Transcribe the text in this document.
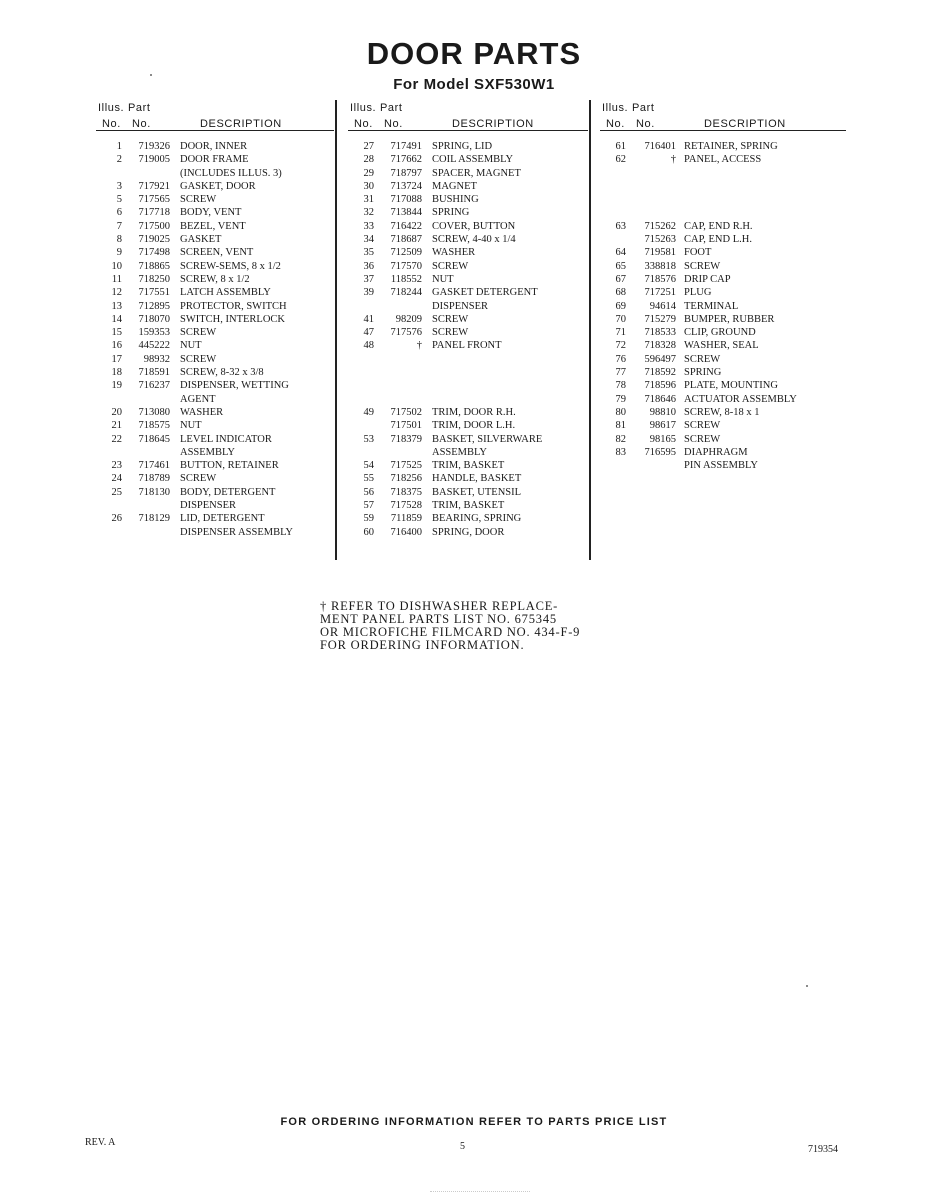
DOOR PARTS
For Model SXF530W1
Illus. Part
No. No.	DESCRIPTION
1	719326 DOOR, INNER
2	719005 DOOR FRAME
(INCLUDES ILLUS. 3)
3	717921 GASKET, DOOR
5	717565 SCREW
6	717718 BODY, VENT
7	717500 BEZEL, VENT
8	719025 GASKET
9	717498 SCREEN, VENT
10	718865 SCREW-SEMS, 8 x 1/2
11	718250 SCREW, 8 x 1/2
12	717551 LATCH ASSEMBLY
13	712895 PROTECTOR, SWITCH
14	718070 SWITCH, INTERLOCK
15	159353 SCREW
16	445222 NUT
17	98932 SCREW
18	718591 SCREW, 8-32 x 3/8
19	716237 DISPENSER, WETTING
AGENT
20	713080 WASHER
21	718575 NUT
22	718645 LEVEL INDICATOR
ASSEMBLY
23	717461 BUTTON, RETAINER
24	718789 SCREW
25	718130 BODY, DETERGENT
DISPENSER
26	718129 LID, DETERGENT
DISPENSER ASSEMBLY
Illus. Part
No. No.	DESCRIPTION
27	717491 SPRING, LID
28	717662 COIL ASSEMBLY
29	718797 SPACER, MAGNET
30	713724 MAGNET
31	717088 BUSHING
32	713844 SPRING
33	716422 COVER, BUTTON
34	718687 SCREW, 4-40 x 1/4
35	712509 WASHER
36	717570 SCREW
37	118552 NUT
39	718244 GASKET DETERGENT
DISPENSER
41	98209 SCREW
47	717576 SCREW
48	† PANEL FRONT
49	717502 TRIM, DOOR R.H.
717501 TRIM, DOOR L.H.
53	718379 BASKET, SILVERWARE
ASSEMBLY
54	717525 TRIM, BASKET
55	718256 HANDLE, BASKET
56	718375 BASKET, UTENSIL
57	717528 TRIM, BASKET
59	711859 BEARING, SPRING
60	716400 SPRING, DOOR
Illus. Part
No. No.	DESCRIPTION
61	716401 RETAINER, SPRING
62	† PANEL, ACCESS
63	715262 CAP, END R.H.
715263 CAP, END L.H.
64	719581 FOOT
65	338818 SCREW
67	718576 DRIP CAP
68	717251 PLUG
69	94614 TERMINAL
70	715279 BUMPER, RUBBER
71	718533 CLIP, GROUND
72	718328 WASHER, SEAL
76	596497 SCREW
77	718592 SPRING
78	718596 PLATE, MOUNTING
79	718646 ACTUATOR ASSEMBLY
80	98810 SCREW, 8-18 x 1
81	98617 SCREW
82	98165 SCREW
83	716595 DIAPHRAGM
PIN ASSEMBLY
† REFER TO DISHWASHER REPLACE-
MENT PANEL PARTS LIST NO. 675345
OR MICROFICHE FILMCARD NO. 434-F-9
FOR ORDERING INFORMATION.
FOR ORDERING INFORMATION REFER TO PARTS PRICE LIST
REV. A	5	719354
